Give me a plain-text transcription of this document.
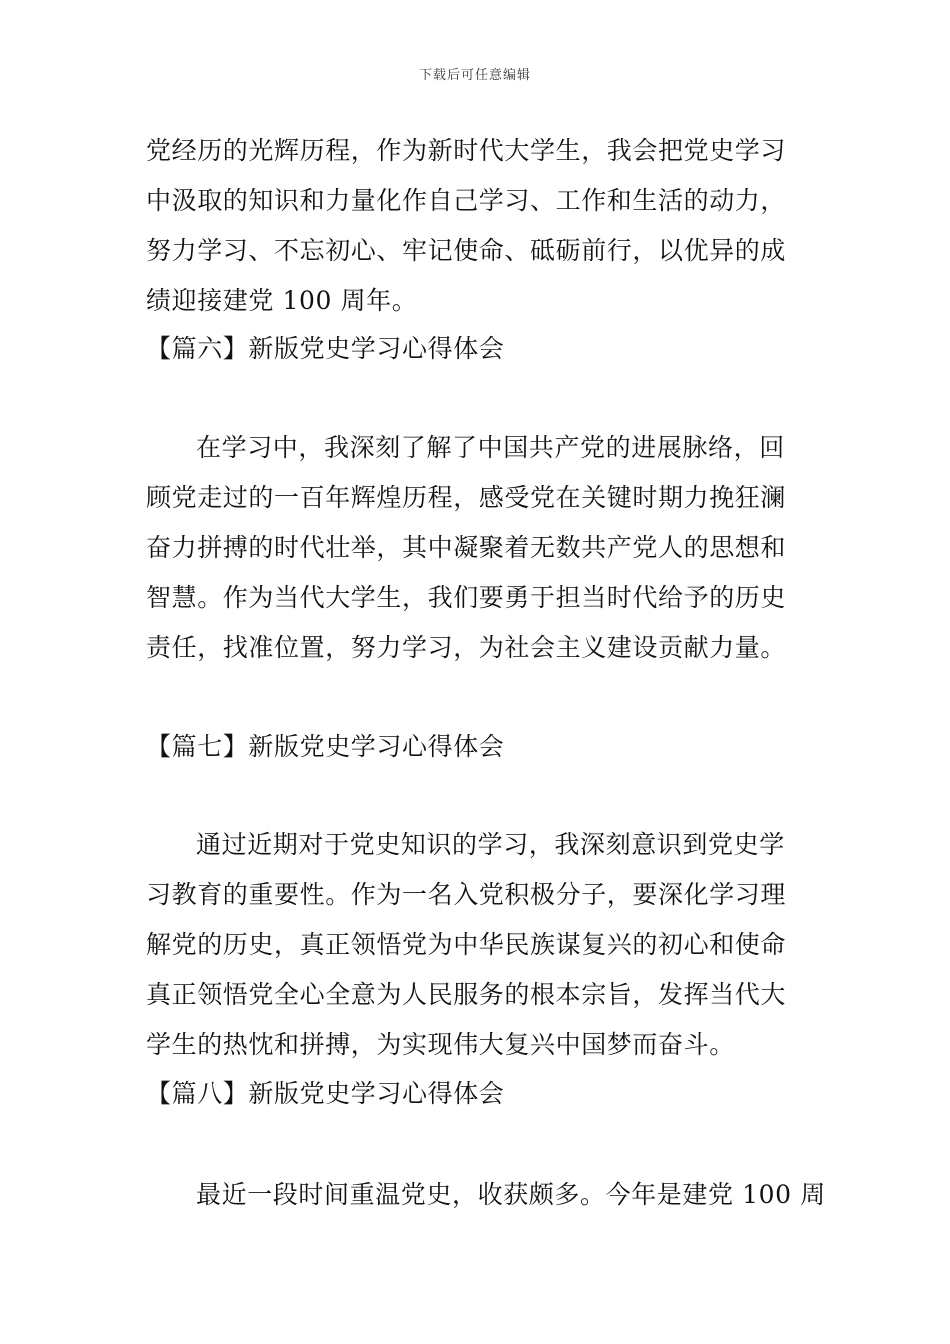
下载后可任意编辑
党经历的光辉历程，作为新时代大学生，我会把党史学习
中汲取的知识和力量化作自己学习、工作和生活的动力，
努力学习、不忘初心、牢记使命、砥砺前行，以优异的成
绩迎接建党 100 周年。
【篇六】新版党史学习心得体会
在学习中，我深刻了解了中国共产党的进展脉络，回
顾党走过的一百年辉煌历程，感受党在关键时期力挽狂澜
奋力拼搏的时代壮举，其中凝聚着无数共产党人的思想和
智慧。作为当代大学生，我们要勇于担当时代给予的历史
责任，找准位置，努力学习，为社会主义建设贡献力量。
【篇七】新版党史学习心得体会
通过近期对于党史知识的学习，我深刻意识到党史学
习教育的重要性。作为一名入党积极分子，要深化学习理
解党的历史，真正领悟党为中华民族谋复兴的初心和使命
真正领悟党全心全意为人民服务的根本宗旨，发挥当代大
学生的热忱和拼搏，为实现伟大复兴中国梦而奋斗。
【篇八】新版党史学习心得体会
最近一段时间重温党史，收获颇多。今年是建党 100 周
